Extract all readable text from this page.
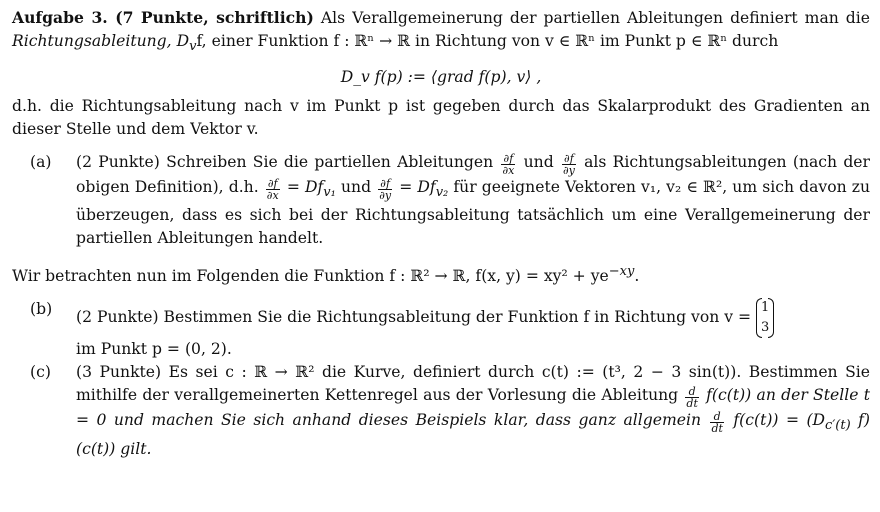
Aufgabe 3. (7 Punkte, schriftlich) Als Verallgemeinerung der partiellen Ableitungen definiert man die Richtungsableitung, $D_vf$, einer Funktion f : ℝⁿ → ℝ in Richtung von v ∈ ℝⁿ im Punkt p ∈ ℝⁿ durch

D_v f(p) := ⟨grad f(p), v⟩ ,

d.h. die Richtungsableitung nach v im Punkt p ist gegeben durch das Skalarprodukt des Gradienten an dieser Stelle und dem Vektor v.

(a) (2 Punkte) Schreiben Sie die partiellen Ableitungen $\frac{\partial f}{\partial x}$ und $\frac{\partial f}{\partial y}$ als Richtungsableitungen (nach der obigen Definition), d.h. $\frac{\partial f}{\partial x} = Df_{v_1}$ und $\frac{\partial f}{\partial y} = Df_{v_2}$ für geeignete Vektoren v₁, v₂ ∈ ℝ², um sich davon zu überzeugen, dass es sich bei der Richtungsableitung tatsächlich um eine Verallgemeinerung der partiellen Ableitungen handelt.

Wir betrachten nun im Folgenden die Funktion f : ℝ² → ℝ, f(x, $y) = xy^2 + ye^{-xy}$.

(b) (2 Punkte) Bestimmen Sie die Richtungsableitung der Funktion f in Richtung von v =
1
3

im Punkt p = (0, 2).
(c) (3 Punkte) Es sei c : ℝ → ℝ² die Kurve, definiert durch c(t) := (t³, 2 − 3 sin(t)). Bestimmen Sie mithilfe der verallgemeinerten Kettenregel aus der Vorlesung die Ableitung $\frac{d}{dt} f(c(t))$ an der Stelle t = 0 und machen Sie sich anhand dieses Beispiels klar, dass ganz allgemein $\frac{d}{dt} f(c(t)) = (D_{c'(t)}$ f) (c(t)) gilt.
